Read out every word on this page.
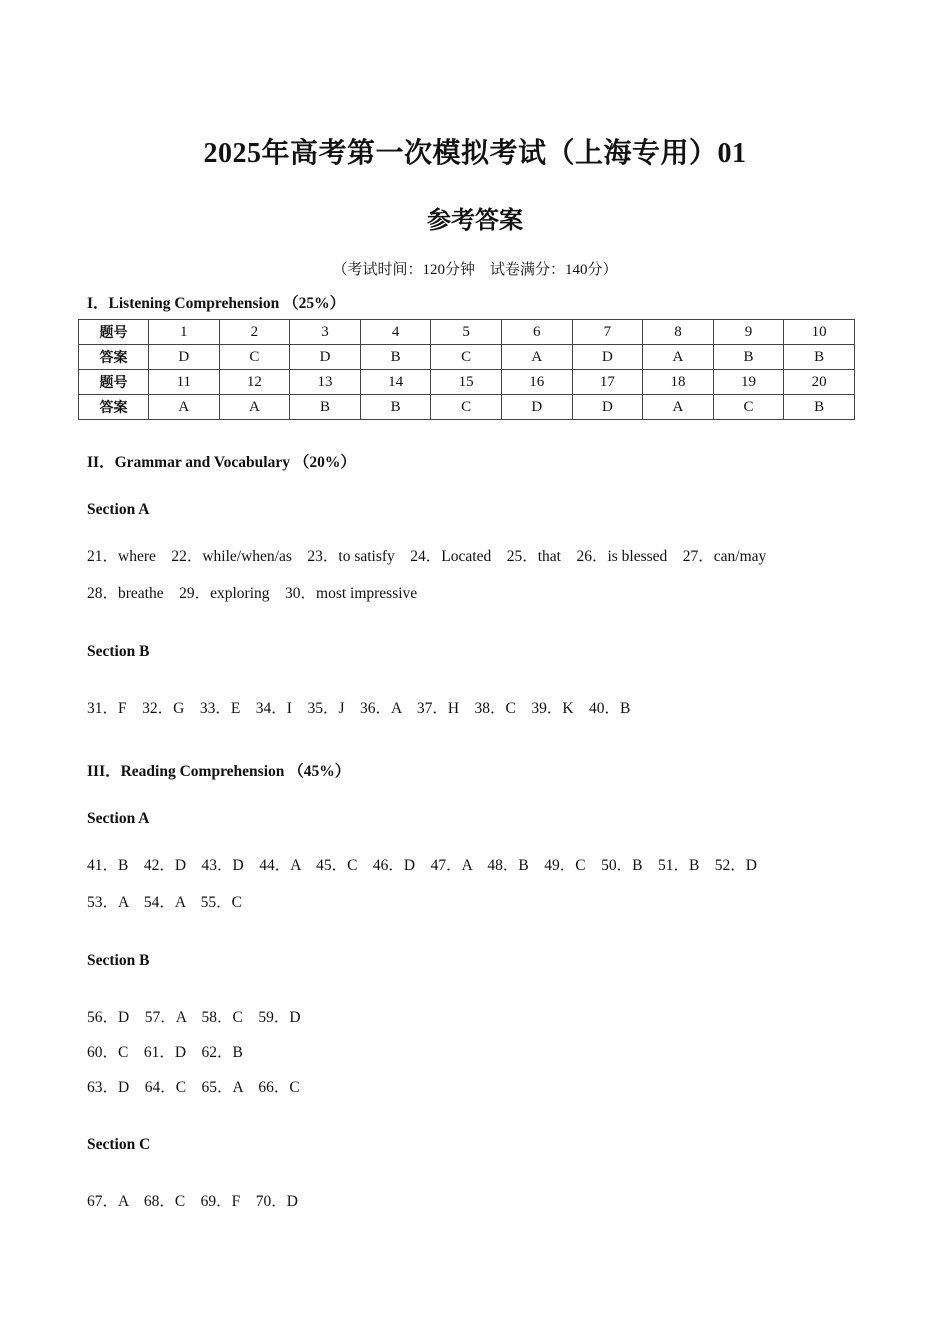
2025年高考第一次模拟考试（上海专用）01
参考答案
（考试时间：120分钟　试卷满分：140分）
I．Listening Comprehension （25%）
题号	1	2	3	4	5	6	7	8	9	10
答案	D	C	D	B	C	A	D	A	B	B
题号	11	12	13	14	15	16	17	18	19	20
答案	A	A	B	B	C	D	D	A	C	B
II．Grammar and Vocabulary （20%）
Section A
21．where　22．while/when/as　23．to satisfy　24．Located　25．that　26．is blessed　27．can/may
28．breathe　29．exploring　30．most impressive
Section B
31．F　32．G　33．E　34．I　35．J　36．A　37．H　38．C　39．K　40．B
III．Reading Comprehension （45%）
Section A
41．B　42．D　43．D　44．A　45．C　46．D　47．A　48．B　49．C　50．B　51．B　52．D
53．A　54．A　55．C
Section B
56．D　57．A　58．C　59．D
60．C　61．D　62．B
63．D　64．C　65．A　66．C
Section C
67．A　68．C　69．F　70．D
